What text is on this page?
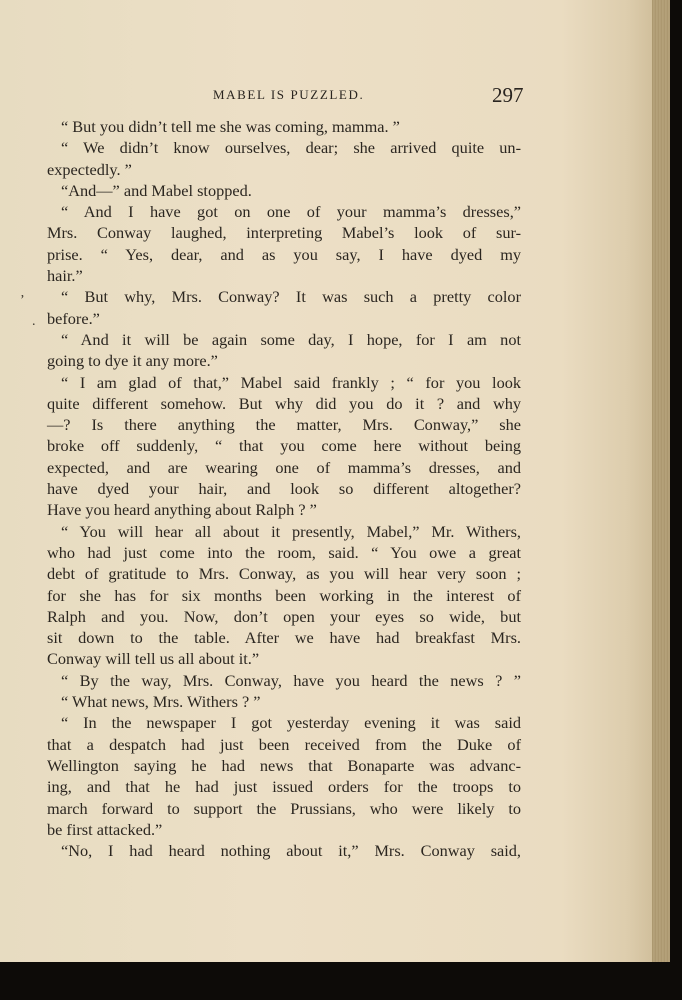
MABEL IS PUZZLED.	297
’
.
“ But you didn’t tell me she was coming, mamma. ”
“ We didn’t know ourselves, dear; she arrived quite un-
expectedly. ”
“And—” and Mabel stopped.
“ And I have got on one of your mamma’s dresses,”
Mrs. Conway laughed, interpreting Mabel’s look of sur-
prise. “ Yes, dear, and as you say, I have dyed my
hair.”
“ But why, Mrs. Conway? It was such a pretty color
before.”
“ And it will be again some day, I hope, for I am not
going to dye it any more.”
“ I am glad of that,” Mabel said frankly ; “ for you look
quite different somehow. But why did you do it ? and why
—? Is there anything the matter, Mrs. Conway,” she
broke off suddenly, “ that you come here without being
expected, and are wearing one of mamma’s dresses, and
have dyed your hair, and look so different altogether?
Have you heard anything about Ralph ? ”
“ You will hear all about it presently, Mabel,” Mr. Withers,
who had just come into the room, said. “ You owe a great
debt of gratitude to Mrs. Conway, as you will hear very soon ;
for she has for six months been working in the interest of
Ralph and you. Now, don’t open your eyes so wide, but
sit down to the table. After we have had breakfast Mrs.
Conway will tell us all about it.”
“ By the way, Mrs. Conway, have you heard the news ? ”
“ What news, Mrs. Withers ? ”
“ In the newspaper I got yesterday evening it was said
that a despatch had just been received from the Duke of
Wellington saying he had news that Bonaparte was advanc-
ing, and that he had just issued orders for the troops to
march forward to support the Prussians, who were likely to
be first attacked.”
“No, I had heard nothing about it,” Mrs. Conway said,
